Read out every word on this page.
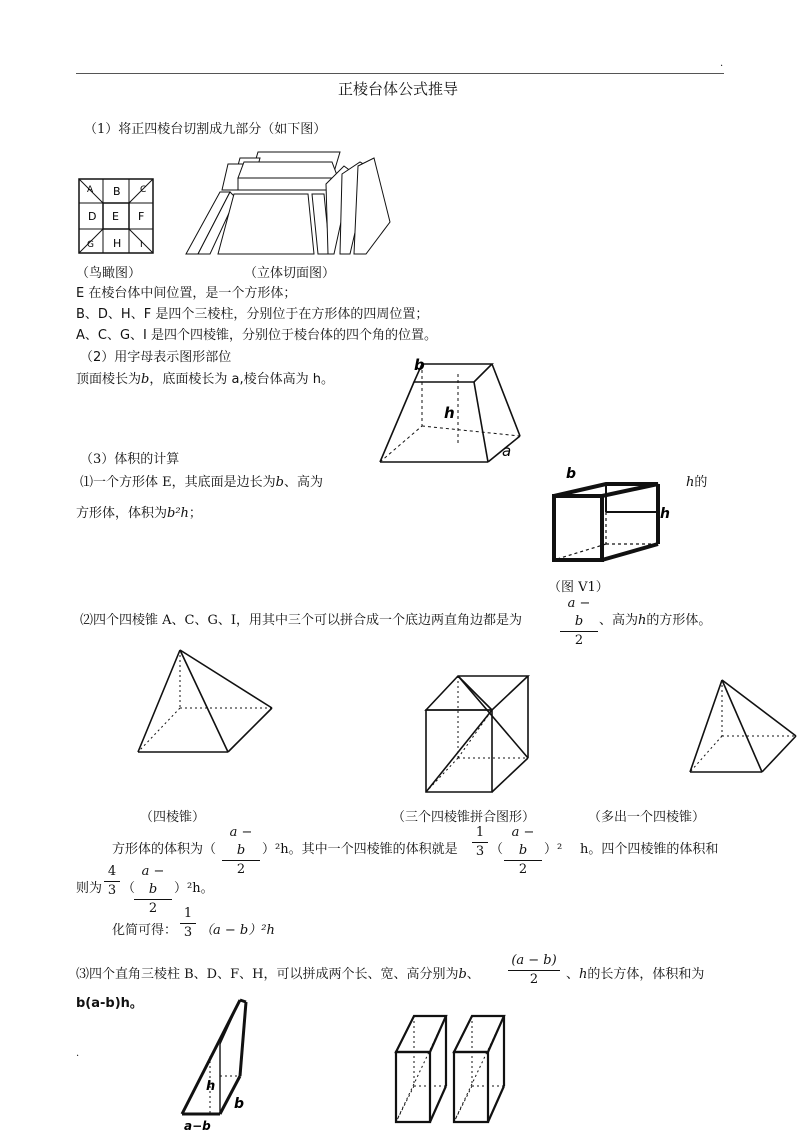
.
正棱台体公式推导
（1）将正四棱台切割成九部分（如下图）
A B C
D E F
G H I
（鸟瞰图）	（立体切面图）
E 在棱台体中间位置，是一个方形体；
B、D、H、F 是四个三棱柱，分别位于在方形体的四周位置；
A、C、G、I 是四个四棱锥，分别位于棱台体的四个角的位置。
（2）用字母表示图形部位
顶面棱长为b，底面棱长为 a,棱台体高为 h。
b
h
a
（3）体积的计算
⑴一个方形体 E，其底面是边长为b、高为	h的
方形体，体积为b²h；
b
h
（图 V1）
⑵四个四棱锥 A、C、G、I，用其中三个可以拼合成一个底边两直角边都是为	$\frac{a - b}{2}$ 、高为h的方形体。
（四棱锥）	（三个四棱锥拼合图形）	（多出一个四棱锥）
方形体的体积为（ $\frac{a - b}{2} )^2h$。其中一个四棱锥的体积就是 $\frac{1}{3}$ （ $\frac{a - b}{2} )^2$ h。四个四棱锥的体积和
则为 $\frac{4}{3}$ （
$\frac{a - b}{2} )^2h$。
化简可得： $\frac{1}{3} (a - b)^2h$
⑶四个直角三棱柱 B、D、F、H，可以拼成两个长、宽、高分别为b、 $\frac{(a - b)}{2}$ 、h的长方体，体积和为
b(a-b)h。
.
h
b
a−b
